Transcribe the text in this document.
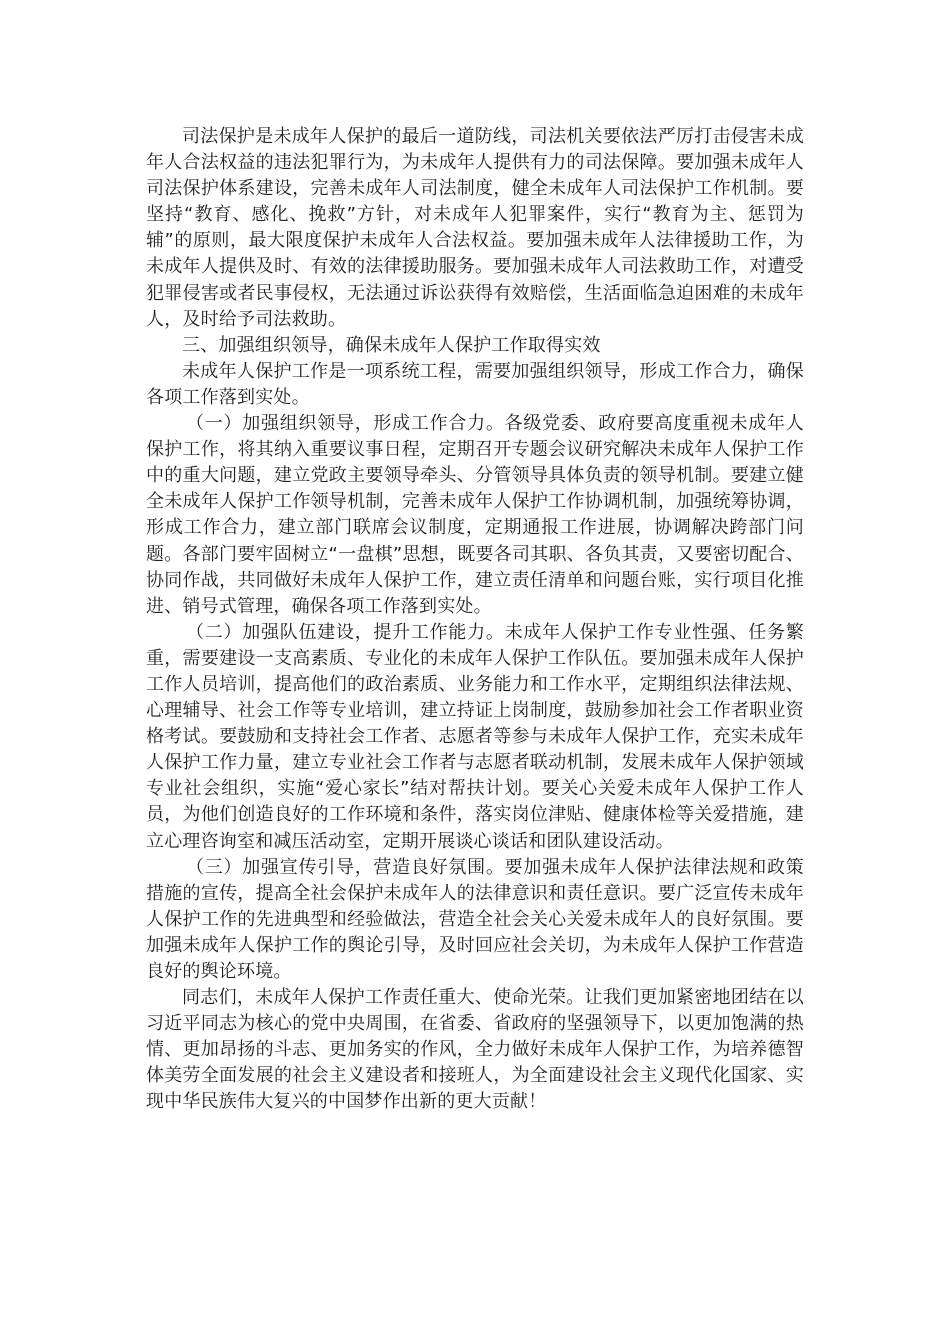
司法保护是未成年人保护的最后一道防线，司法机关要依法严厉打击侵害未成年人合法权益的违法犯罪行为，为未成年人提供有力的司法保障。要加强未成年人司法保护体系建设，完善未成年人司法制度，健全未成年人司法保护工作机制。要坚持“教育、感化、挽救”方针，对未成年人犯罪案件，实行“教育为主、惩罚为辅”的原则，最大限度保护未成年人合法权益。要加强未成年人法律援助工作，为未成年人提供及时、有效的法律援助服务。要加强未成年人司法救助工作，对遭受犯罪侵害或者民事侵权，无法通过诉讼获得有效赔偿，生活面临急迫困难的未成年人，及时给予司法救助。

三、加强组织领导，确保未成年人保护工作取得实效

未成年人保护工作是一项系统工程，需要加强组织领导，形成工作合力，确保各项工作落到实处。

（一）加强组织领导，形成工作合力。各级党委、政府要高度重视未成年人保护工作，将其纳入重要议事日程，定期召开专题会议研究解决未成年人保护工作中的重大问题，建立党政主要领导牵头、分管领导具体负责的领导机制。要建立健全未成年人保护工作领导机制，完善未成年人保护工作协调机制，加强统筹协调，形成工作合力，建立部门联席会议制度，定期通报工作进展，协调解决跨部门问题。各部门要牢固树立“一盘棋”思想，既要各司其职、各负其责，又要密切配合、协同作战，共同做好未成年人保护工作，建立责任清单和问题台账，实行项目化推进、销号式管理，确保各项工作落到实处。

（二）加强队伍建设，提升工作能力。未成年人保护工作专业性强、任务繁重，需要建设一支高素质、专业化的未成年人保护工作队伍。要加强未成年人保护工作人员培训，提高他们的政治素质、业务能力和工作水平，定期组织法律法规、心理辅导、社会工作等专业培训，建立持证上岗制度，鼓励参加社会工作者职业资格考试。要鼓励和支持社会工作者、志愿者等参与未成年人保护工作，充实未成年人保护工作力量，建立专业社会工作者与志愿者联动机制，发展未成年人保护领域专业社会组织，实施“爱心家长”结对帮扶计划。要关心关爱未成年人保护工作人员，为他们创造良好的工作环境和条件，落实岗位津贴、健康体检等关爱措施，建立心理咨询室和减压活动室，定期开展谈心谈话和团队建设活动。

（三）加强宣传引导，营造良好氛围。要加强未成年人保护法律法规和政策措施的宣传，提高全社会保护未成年人的法律意识和责任意识。要广泛宣传未成年人保护工作的先进典型和经验做法，营造全社会关心关爱未成年人的良好氛围。要加强未成年人保护工作的舆论引导，及时回应社会关切，为未成年人保护工作营造良好的舆论环境。

同志们，未成年人保护工作责任重大、使命光荣。让我们更加紧密地团结在以习近平同志为核心的党中央周围，在省委、省政府的坚强领导下，以更加饱满的热情、更加昂扬的斗志、更加务实的作风，全力做好未成年人保护工作，为培养德智体美劳全面发展的社会主义建设者和接班人，为全面建设社会主义现代化国家、实现中华民族伟大复兴的中国梦作出新的更大贡献！
